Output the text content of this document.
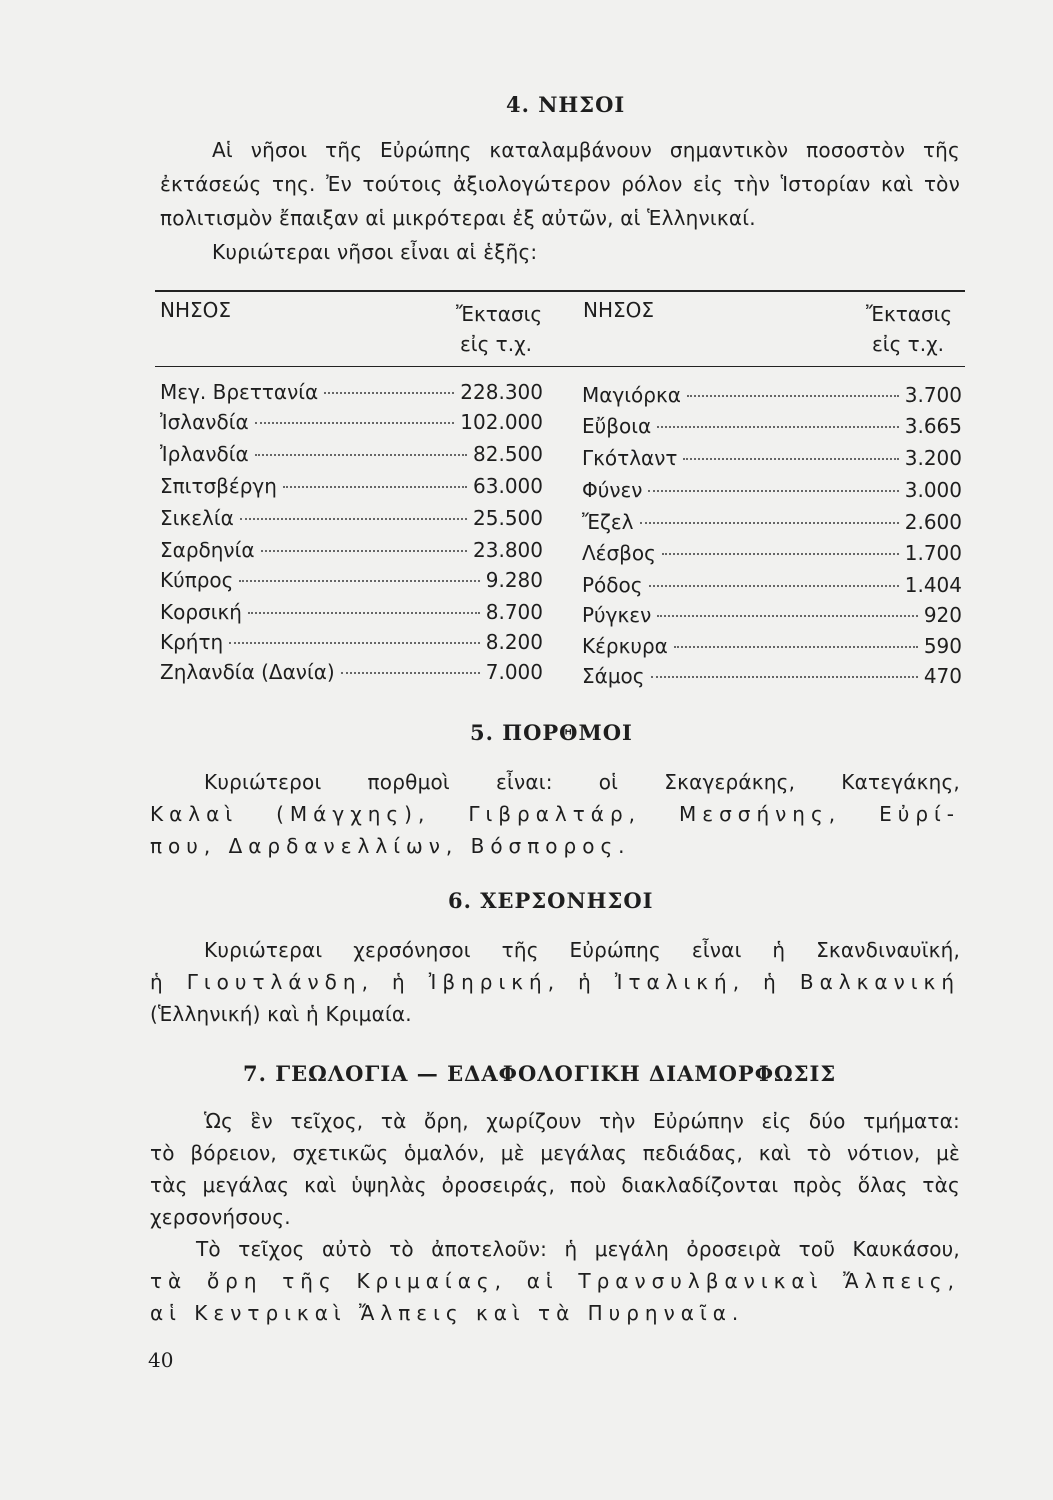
4. ΝΗΣΟΙ
Αἱ νῆσοι τῆς Εὐρώπης καταλαμβάνουν σημαντικὸν ποσοστὸν τῆς
ἐκτάσεώς της. Ἐν τούτοις ἀξιολογώτερον ρόλον εἰς τὴν Ἱστορίαν καὶ τὸν
πολιτισμὸν ἔπαιξαν αἱ μικρότεραι ἐξ αὐτῶν, αἱ Ἑλληνικαί.
Κυριώτεραι νῆσοι εἶναι αἱ ἑξῆς:
ΝΗΣΟΣ	Ἔκτασις
εἰς τ.χ.
ΝΗΣΟΣ	Ἔκτασις
εἰς τ.χ.
Μεγ. Βρεττανία	228.300
Ἰσλανδία	102.000
Ἰρλανδία	82.500
Σπιτσβέργη	63.000
Σικελία	25.500
Σαρδηνία	23.800
Κύπρος	9.280
Κορσική	8.700
Κρήτη	8.200
Ζηλανδία (Δανία)	7.000
Μαγιόρκα	3.700
Εὔβοια	3.665
Γκότλαντ	3.200
Φύνεν	3.000
Ἔζελ	2.600
Λέσβος	1.700
Ρόδος	1.404
Ρύγκεν	920
Κέρκυρα	590
Σάμος	470
5. ΠΟΡΘΜΟΙ
Κυριώτεροι πορθμοὶ εἶναι: οἱ Σκαγεράκης, Κατεγάκης,
Καλαὶ (Μάγχης), Γιβραλτάρ, Μεσσήνης, Εὐρί-
που, Δαρδανελλίων, Βόσπορος.
6. ΧΕΡΣΟΝΗΣΟΙ
Κυριώτεραι χερσόνησοι τῆς Εὐρώπης εἶναι ἡ Σκανδιναυϊκή,
ἡ Γιουτλάνδη, ἡ Ἰβηρική, ἡ Ἰταλική, ἡ Βαλκανική
(Ἑλληνική) καὶ ἡ Κριμαία.
7. ΓΕΩΛΟΓΙΑ — ΕΔΑΦΟΛΟΓΙΚΗ ΔΙΑΜΟΡΦΩΣΙΣ
Ὡς ἓν τεῖχος, τὰ ὄρη, χωρίζουν τὴν Εὐρώπην εἰς δύο τμήματα:
τὸ βόρειον, σχετικῶς ὁμαλόν, μὲ μεγάλας πεδιάδας, καὶ τὸ νότιον, μὲ
τὰς μεγάλας καὶ ὑψηλὰς ὀροσειράς, ποὺ διακλαδίζονται πρὸς ὅλας τὰς
χερσονήσους.
Τὸ τεῖχος αὐτὸ τὸ ἀποτελοῦν: ἡ μεγάλη ὀροσειρὰ τοῦ Καυκάσου,
τὰ ὄρη τῆς Κριμαίας, αἱ Τρανσυλβανικαὶ Ἄλπεις,
αἱ Κεντρικαὶ Ἄλπεις καὶ τὰ Πυρηναῖα.
40
